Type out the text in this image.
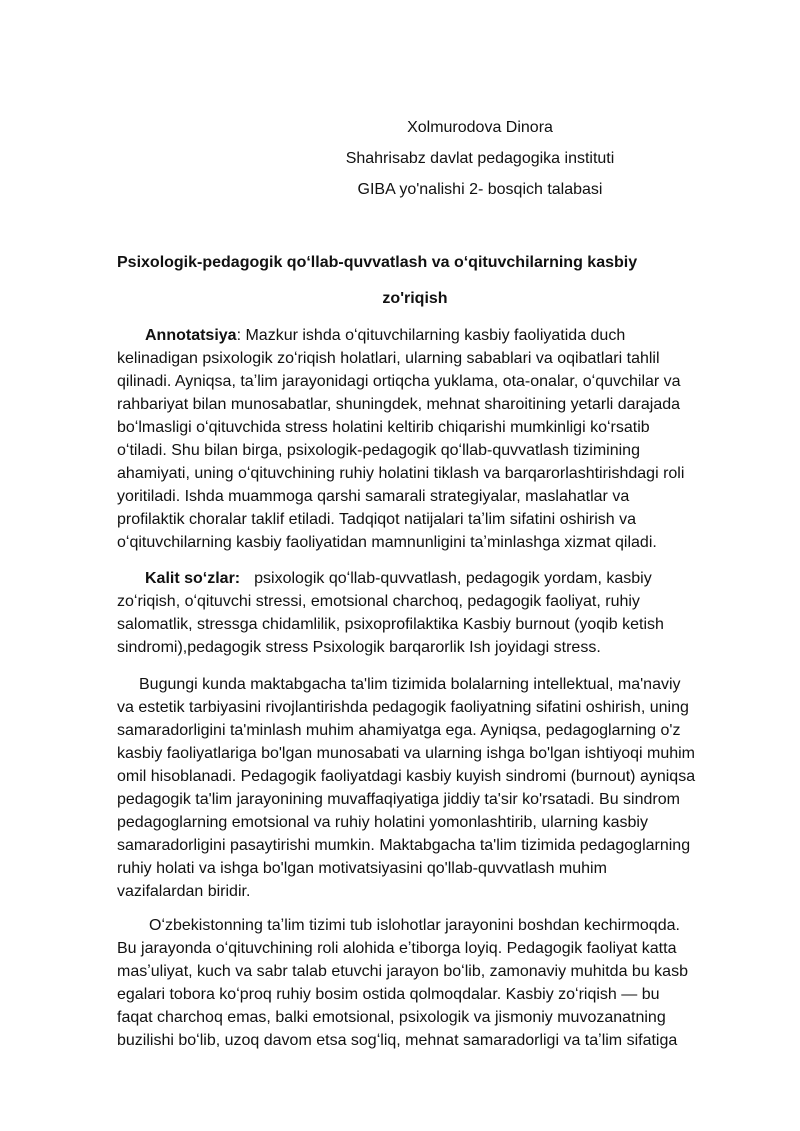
Xolmurodova Dinora
Shahrisabz davlat pedagogika instituti
GIBA yo'nalishi 2- bosqich talabasi
Psixologik-pedagogik qoʻllab-quvvatlash va oʻqituvchilarning kasbiy
zo'riqish
Annotatsiya: Mazkur ishda oʻqituvchilarning kasbiy faoliyatida duch
kelinadigan psixologik zoʻriqish holatlari, ularning sabablari va oqibatlari tahlil
qilinadi. Ayniqsa, taʼlim jarayonidagi ortiqcha yuklama, ota-onalar, oʻquvchilar va
rahbariyat bilan munosabatlar, shuningdek, mehnat sharoitining yetarli darajada
boʻlmasligi oʻqituvchida stress holatini keltirib chiqarishi mumkinligi koʻrsatib
oʻtiladi. Shu bilan birga, psixologik-pedagogik qoʻllab-quvvatlash tizimining
ahamiyati, uning oʻqituvchining ruhiy holatini tiklash va barqarorlashtirishdagi roli
yoritiladi. Ishda muammoga qarshi samarali strategiyalar, maslahatlar va
profilaktik choralar taklif etiladi. Tadqiqot natijalari taʼlim sifatini oshirish va
oʻqituvchilarning kasbiy faoliyatidan mamnunligini taʼminlashga xizmat qiladi.
Kalit soʻzlar: psixologik qoʻllab-quvvatlash, pedagogik yordam, kasbiy
zoʻriqish, oʻqituvchi stressi, emotsional charchoq, pedagogik faoliyat, ruhiy
salomatlik, stressga chidamlilik, psixoprofilaktika Kasbiy burnout (yoqib ketish
sindromi),pedagogik stress Psixologik barqarorlik Ish joyidagi stress.
Bugungi kunda maktabgacha ta'lim tizimida bolalarning intellektual, ma'naviy
va estetik tarbiyasini rivojlantirishda pedagogik faoliyatning sifatini oshirish, uning
samaradorligini ta'minlash muhim ahamiyatga ega. Ayniqsa, pedagoglarning o'z
kasbiy faoliyatlariga bo'lgan munosabati va ularning ishga bo'lgan ishtiyoqi muhim
omil hisoblanadi. Pedagogik faoliyatdagi kasbiy kuyish sindromi (burnout) ayniqsa
pedagogik ta'lim jarayonining muvaffaqiyatiga jiddiy ta'sir ko'rsatadi. Bu sindrom
pedagoglarning emotsional va ruhiy holatini yomonlashtirib, ularning kasbiy
samaradorligini pasaytirishi mumkin. Maktabgacha ta'lim tizimida pedagoglarning
ruhiy holati va ishga bo'lgan motivatsiyasini qo'llab-quvvatlash muhim
vazifalardan biridir.
Oʻzbekistonning taʼlim tizimi tub islohotlar jarayonini boshdan kechirmoqda.
Bu jarayonda oʻqituvchining roli alohida eʼtiborga loyiq. Pedagogik faoliyat katta
masʼuliyat, kuch va sabr talab etuvchi jarayon boʻlib, zamonaviy muhitda bu kasb
egalari tobora koʻproq ruhiy bosim ostida qolmoqdalar. Kasbiy zoʻriqish — bu
faqat charchoq emas, balki emotsional, psixologik va jismoniy muvozanatning
buzilishi boʻlib, uzoq davom etsa sogʻliq, mehnat samaradorligi va taʼlim sifatiga
